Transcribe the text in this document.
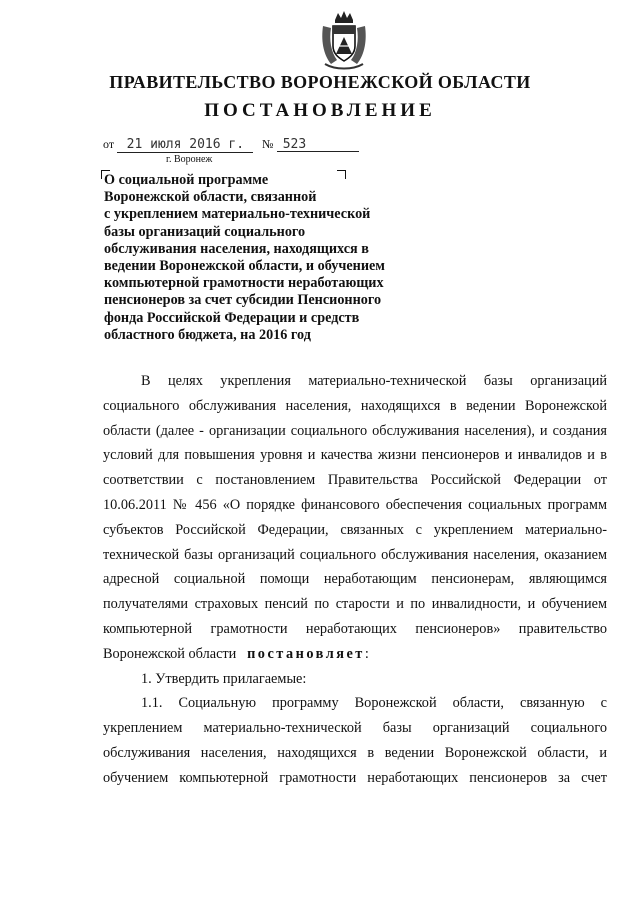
ПРАВИТЕЛЬСТВО ВОРОНЕЖСКОЙ ОБЛАСТИ
ПОСТАНОВЛЕНИЕ
от 21 июля 2016 г.	№ 523
г. Воронеж
О социальной программе
Воронежской области, связанной
с укреплением материально-технической
базы организаций социального
обслуживания населения, находящихся в
ведении Воронежской области, и обучением
компьютерной грамотности неработающих
пенсионеров за счет субсидии Пенсионного
фонда Российской Федерации и средств
областного бюджета, на 2016 год
В целях укрепления материально-технической базы организаций
социального обслуживания населения, находящихся в ведении Воронежской
области (далее - организации социального обслуживания населения), и создания
условий для повышения уровня и качества жизни пенсионеров и инвалидов и в
соответствии с постановлением Правительства Российской Федерации от
10.06.2011 № 456 «О порядке финансового обеспечения социальных программ
субъектов Российской Федерации, связанных с укреплением материально-
технической базы организаций социального обслуживания населения, оказанием
адресной социальной помощи неработающим пенсионерам, являющимся
получателями страховых пенсий по старости и по инвалидности, и обучением
компьютерной грамотности неработающих пенсионеров» правительство
Воронежской области постановляет:
1. Утвердить прилагаемые:
1.1. Социальную программу Воронежской области, связанную с
укреплением материально-технической базы организаций социального
обслуживания населения, находящихся в ведении Воронежской области, и
обучением компьютерной грамотности неработающих пенсионеров за счет
